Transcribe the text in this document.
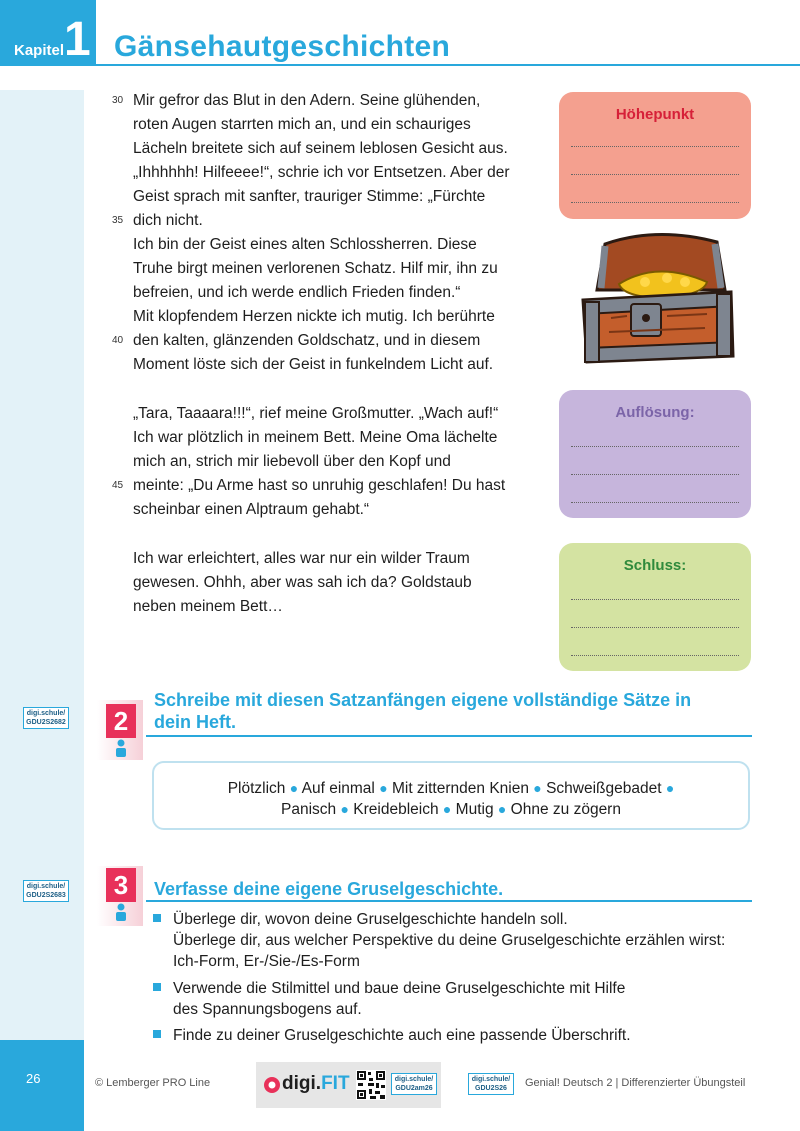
Kapitel 1 Gänsehautgeschichten
30
35
40
45
Mir gefror das Blut in den Adern. Seine glühenden,
roten Augen starrten mich an, und ein schauriges
Lächeln breitete sich auf seinem leblosen Gesicht aus.
„Ihhhhhh! Hilfeeee!“, schrie ich vor Entsetzen. Aber der
Geist sprach mit sanfter, trauriger Stimme: „Fürchte
dich nicht.
Ich bin der Geist eines alten Schlossherren. Diese
Truhe birgt meinen verlorenen Schatz. Hilf mir, ihn zu
befreien, und ich werde endlich Frieden finden.“
Mit klopfendem Herzen nickte ich mutig. Ich berührte
den kalten, glänzenden Goldschatz, und in diesem
Moment löste sich der Geist in funkelndem Licht auf.
„Tara, Taaaara!!!“, rief meine Großmutter. „Wach auf!“
Ich war plötzlich in meinem Bett. Meine Oma lächelte
mich an, strich mir liebevoll über den Kopf und
meinte: „Du Arme hast so unruhig geschlafen! Du hast
scheinbar einen Alptraum gehabt.“
Ich war erleichtert, alles war nur ein wilder Traum
gewesen. Ohhh, aber was sah ich da? Goldstaub
neben meinem Bett…
Höhepunkt
Auflösung:
Schluss:
digi.schule/
GDU2S2682 2
Schreibe mit diesen Satzanfängen eigene vollständige Sätze in
dein Heft.
Plötzlich ● Auf einmal ● Mit zitternden Knien ● Schweißgebadet ●
Panisch ● Kreidebleich ● Mutig ● Ohne zu zögern
digi.schule/
GDU2S2683 3	Verfasse deine eigene Gruselgeschichte.
Überlege dir, wovon deine Gruselgeschichte handeln soll.
Überlege dir, aus welcher Perspektive du deine Gruselgeschichte erzählen wirst:
Ich-Form, Er-/Sie-/Es-Form
Verwende die Stilmittel und baue deine Gruselgeschichte mit Hilfe
des Spannungsbogens auf.
Finde zu deiner Gruselgeschichte auch eine passende Überschrift.
26	© Lemberger PRO Line	digi.FIT	digi.schule/
GDU2am26
digi.schule/
GDU2S26	Genial! Deutsch 2 | Differenzierter Übungsteil
